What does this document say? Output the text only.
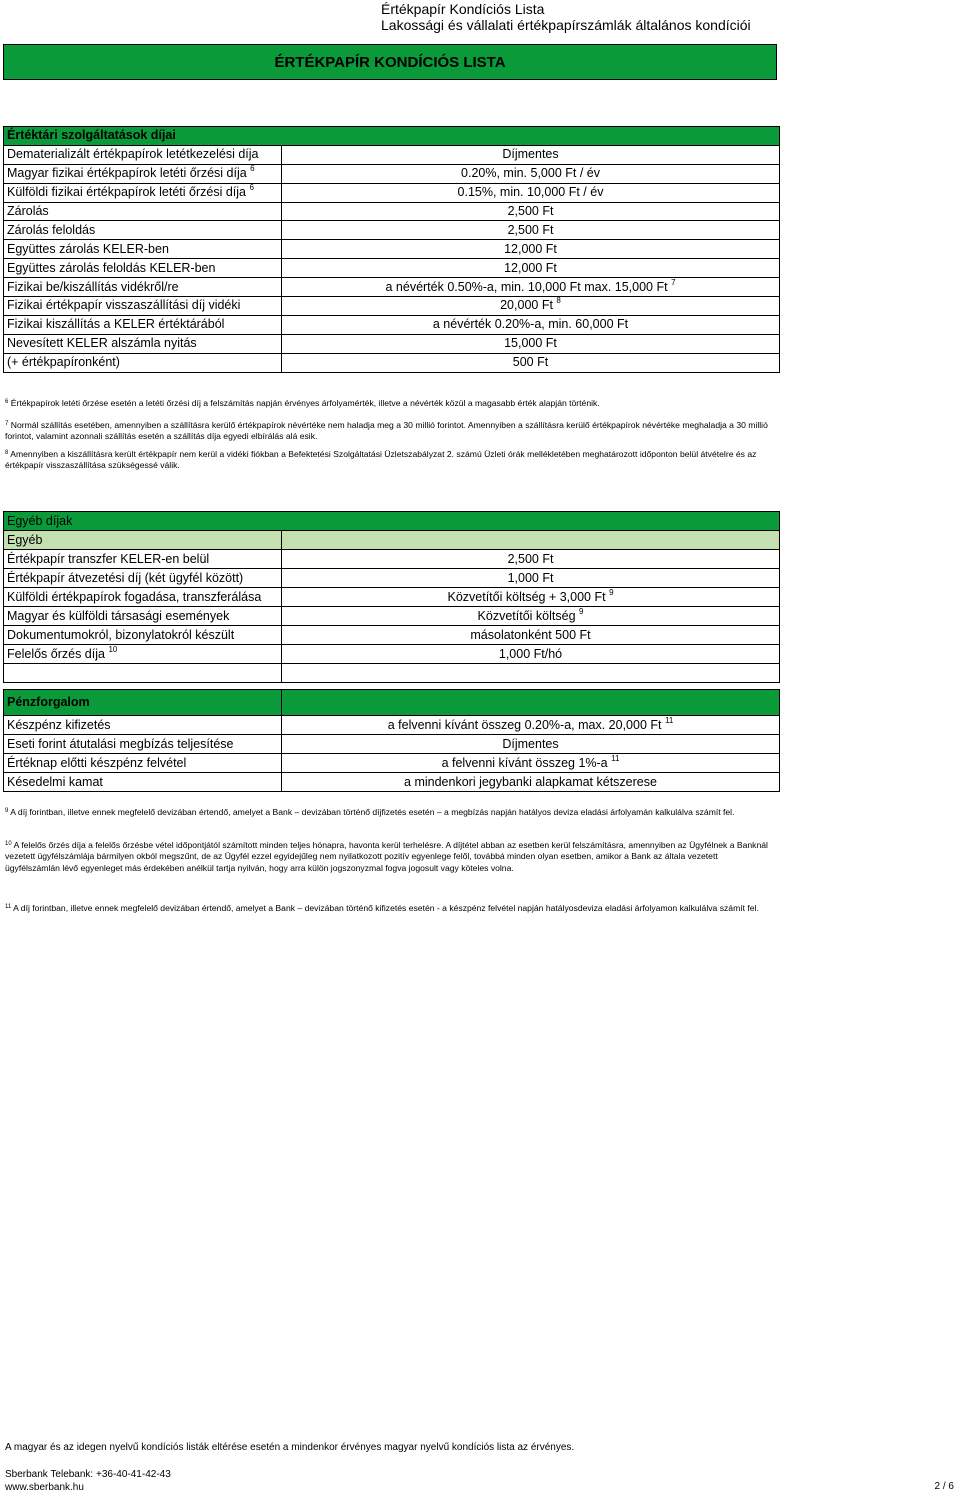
Értékpapír Kondíciós Lista
Lakossági és vállalati értékpapírszámlák általános kondíciói
ÉRTÉKPAPÍR KONDÍCIÓS LISTA
Értéktári szolgáltatások díjai	
Dematerializált értékpapírok letétkezelési díja	Díjmentes
Magyar fizikai értékpapírok letéti őrzési díja $^6$	0.20%, min. 5,000 Ft / év
Külföldi fizikai értékpapírok letéti őrzési díja $^6$	0.15%, min. 10,000 Ft / év
Zárolás	2,500 Ft
Zárolás feloldás	2,500 Ft
Együttes zárolás KELER-ben	12,000 Ft
Együttes zárolás feloldás KELER-ben	12,000 Ft
Fizikai be/kiszállítás vidékről/re	a névérték 0.50%-a, min. 10,000 Ft max. 15,000 Ft $^7$
Fizikai értékpapír visszaszállítási díj vidéki	20,000 Ft $^8$
Fizikai kiszállítás a KELER értéktárából	a névérték 0.20%-a, min. 60,000 Ft
Nevesített KELER alszámla nyitás	15,000 Ft
(+ értékpapíronként)	500 Ft
$^6$ Értékpapírok letéti őrzése esetén a letéti őrzési díj a felszámítás napján érvényes árfolyamérték, illetve a névérték közül a magasabb érték alapján történik.
$^7$ Normál szállítás esetében, amennyiben a szállításra kerülő értékpapírok névértéke nem haladja meg a 30 millió forintot. Amennyiben a szállításra kerülő értékpapírok névértéke meghaladja a 30 millió forintot, valamint azonnali szállítás esetén a szállítás díja egyedi elbírálás alá esik.
$^8$ Amennyiben a kiszállításra került értékpapír nem kerül a vidéki fiókban a Befektetési Szolgáltatási Üzletszabályzat 2. számú Üzleti órák mellékletében meghatározott időponton belül átvételre és az értékpapír visszaszállítása szükségessé válik.
Egyéb díjak	
Egyéb	
Értékpapír transzfer KELER-en belül	2,500 Ft
Értékpapír átvezetési díj (két ügyfél között)	1,000 Ft
Külföldi értékpapírok fogadása, transzferálása	Közvetítői költség + 3,000 Ft $^9$
Magyar és külföldi társasági események	Közvetítői költség $^9$
Dokumentumokról, bizonylatokról készült	másolatonként 500 Ft
Felelős őrzés díja $^{10}$	1,000 Ft/hó

Pénzforgalom	
Készpénz kifizetés	a felvenni kívánt összeg 0.20%-a, max. 20,000 Ft $^{11}$
Eseti forint átutalási megbízás teljesítése	Díjmentes
Értéknap előtti készpénz felvétel	a felvenni kívánt összeg 1%-a $^{11}$
Késedelmi kamat	a mindenkori jegybanki alapkamat kétszerese
$^9$ A díj forintban, illetve ennek megfelelő devizában értendő, amelyet a Bank – devizában történő díjfizetés esetén – a megbízás napján hatályos deviza eladási árfolyamán kalkulálva számít fel.
$^{10}$ A felelős őrzés díja a felelős őrzésbe vétel időpontjától számított minden teljes hónapra, havonta kerül terhelésre. A díjtétel abban az esetben kerül felszámításra, amennyiben az Ügyfélnek a Banknál vezetett ügyfélszámlája bármilyen okból megszűnt, de az Ügyfél ezzel egyidejűleg nem nyilatkozott pozitív egyenlege felől, továbbá minden olyan esetben, amikor a Bank az általa vezetett ügyfélszámlán lévő egyenleget más érdekében anélkül tartja nyilván, hogy arra külön jogszonyzmal fogva jogosult vagy köteles volna.
$^{11}$ A díj forintban, illetve ennek megfelelő devizában értendő, amelyet a Bank – devizában történő kifizetés esetén - a készpénz felvétel napján hatályosdeviza eladási árfolyamon kalkulálva számít fel.
A magyar és az idegen nyelvű kondíciós listák eltérése esetén a mindenkor érvényes magyar nyelvű kondíciós lista az érvényes.
Sberbank Telebank: +36-40-41-42-43
www.sberbank.hu	2 / 6
